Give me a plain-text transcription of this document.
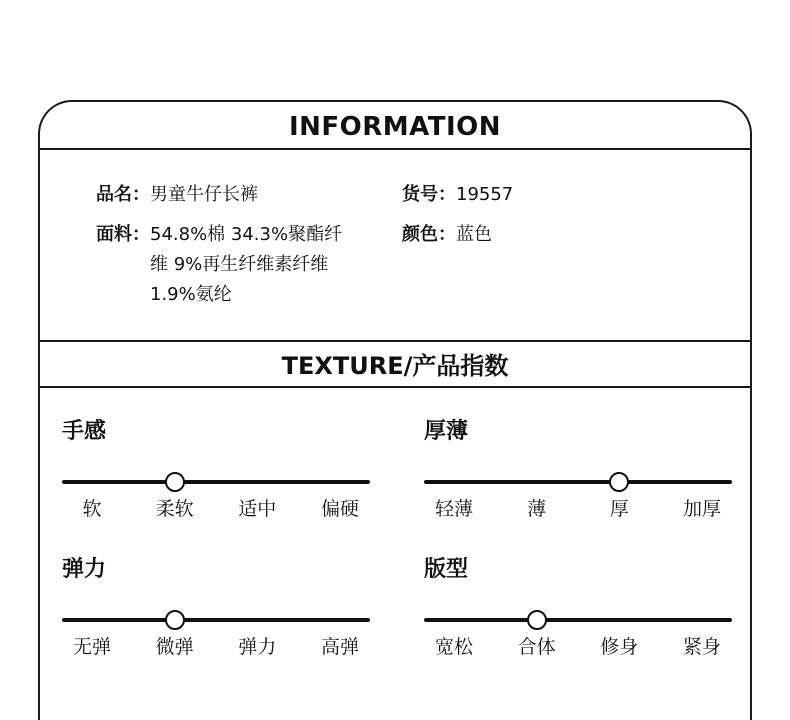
INFORMATION
品名：男童牛仔长裤	货号：19557
面料： 54.8%棉 34.3%聚酯纤维 9%再生纤维素纤维 1.9%氨纶
颜色：蓝色
TEXTURE/产品指数
手感
软	柔软	适中	偏硬
厚薄
轻薄	薄	厚	加厚
弹力
无弹	微弹	弹力	高弹
版型
宽松	合体	修身	紧身
